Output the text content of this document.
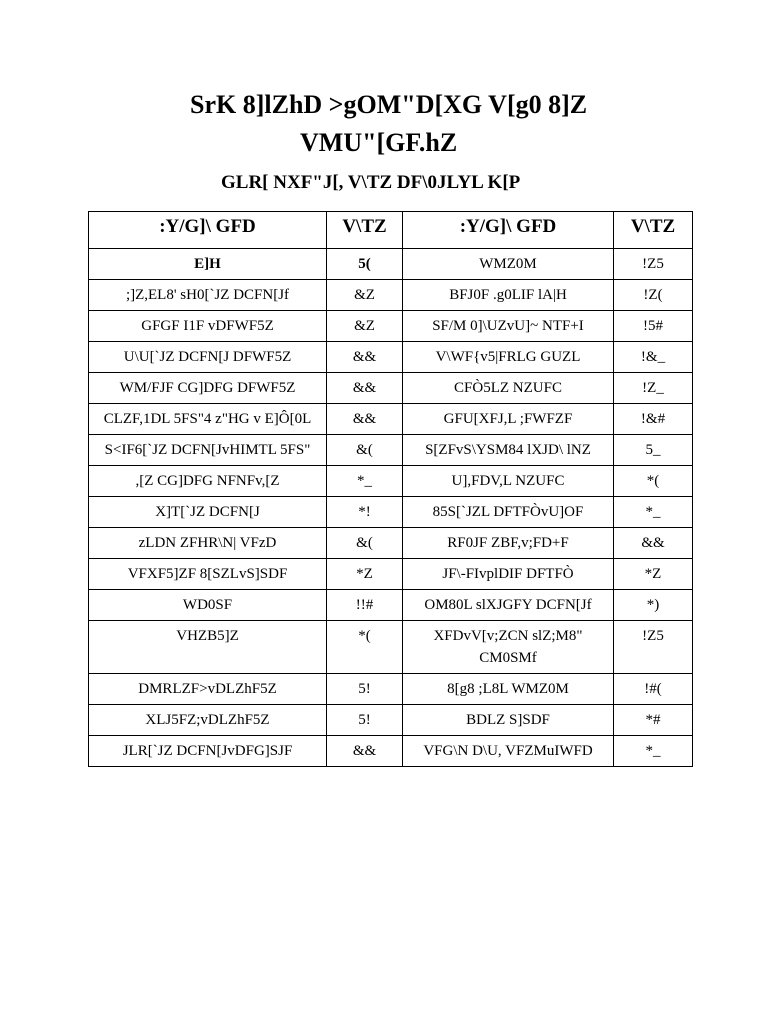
SrK 8]lZhD >gOM"D[XG V[g0 8]Z

VMU"[GF.hZ
GLR[ NXF"J[, V\TZ DF\0JLYL K[P
:Y/G]\ GFD	V\TZ	:Y/G]\ GFD	V\TZ
E]H	5(	WMZ0M	!Z5
;]Z,EL8' sH0[`JZ DCFN[Jf	&Z	BFJ0F .g0LIF lA|H	!Z(
GFGF I1F vDFWF5Z	&Z	SF/M 0]\UZvU]~ NTF+I	!5#
U\U[`JZ DCFN[J DFWF5Z	&&	V\WF{v5|FRLG GUZL	!&_
WM/FJF CG]DFG DFWF5Z	&&	CFÒ5LZ NZUFC	!Z_
CLZF,1DL 5FS"4 z"HG v E]Ô[0L	&&	GFU[XFJ,L ;FWFZF	!&#
S<IF6[`JZ DCFN[JvHIMTL 5FS"	&(	S[ZFvS\YSM84 lXJD\ lNZ	5_
,[Z CG]DFG NFNFv,[Z	*_	U],FDV,L NZUFC	*(
X]T[`JZ DCFN[J	*!	85S[`JZL DFTFÒvU]OF	*_
zLDN ZFHR\N| VFzD	&(	RF0JF ZBF,v;FD+F	&&
VFXF5]ZF 8[SZLvS]SDF	*Z	JF\-FIvplDIF DFTFÒ	*Z
WD0SF	!!#	OM80L slXJGFY DCFN[Jf	*)
VHZB5]Z	*(	XFDvV[v;ZCN slZ;M8" CM0SMf	!Z5
DMRLZF>vDLZhF5Z	5!	8[g8 ;L8L WMZ0M	!#(
XLJ5FZ;vDLZhF5Z	5!	BDLZ S]SDF	*#
JLR[`JZ DCFN[JvDFG]SJF	&&	VFG\N D\U, VFZMuIWFD	*_
